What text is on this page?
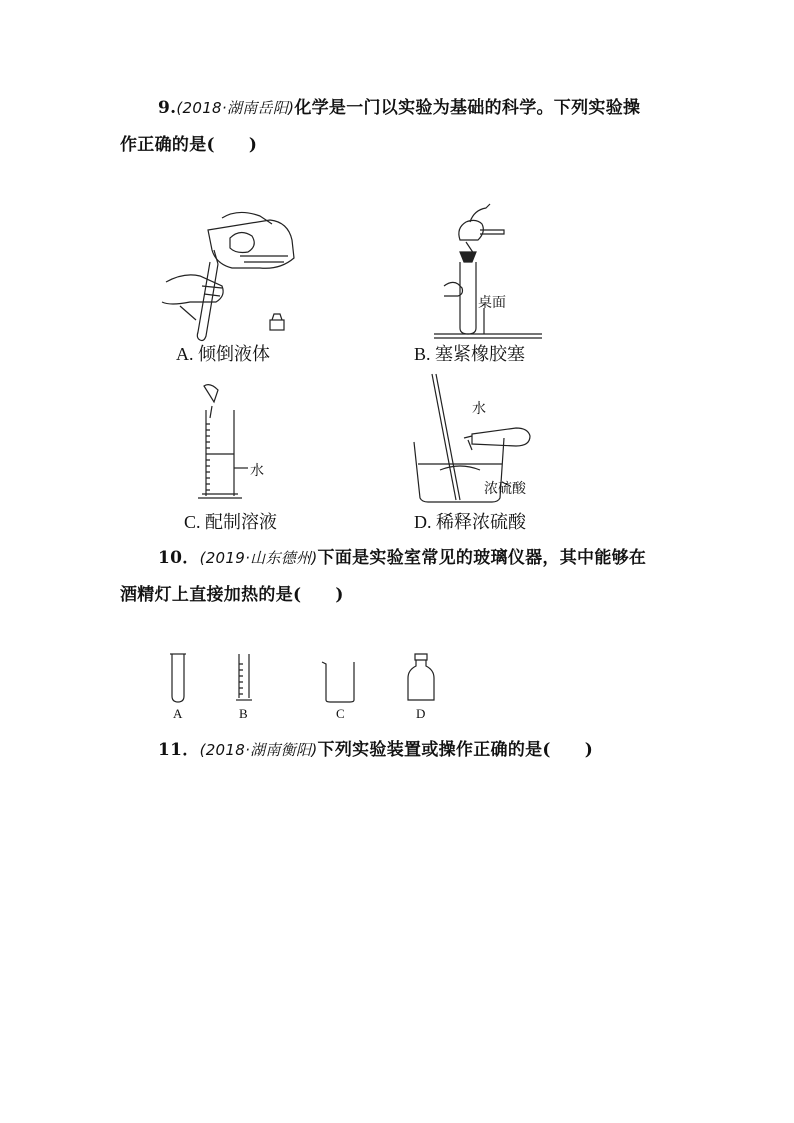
9.(2018·湖南岳阳)化学是一门以实验为基础的科学。下列实验操
作正确的是( )
A. 倾倒液体
桌面
B. 塞紧橡胶塞
水
C. 配制溶液
水
浓硫酸
D. 稀释浓硫酸
10．(2019·山东德州)下面是实验室常见的玻璃仪器，其中能够在
酒精灯上直接加热的是( )
A	B	C	D
11．(2018·湖南衡阳)下列实验装置或操作正确的是( )
